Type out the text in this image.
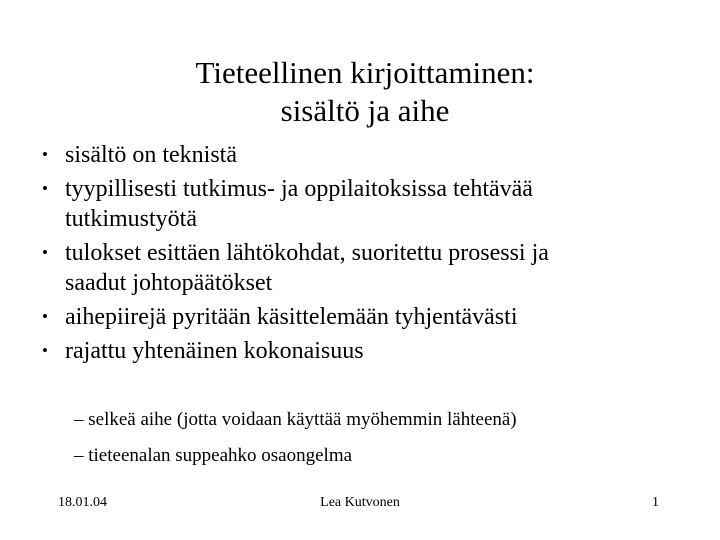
Tieteellinen kirjoittaminen:
sisältö ja aihe
• sisältö on teknistä
• tyypillisesti tutkimus- ja oppilaitoksissa tehtävää
tutkimustyötä
• tulokset esittäen lähtökohdat, suoritettu prosessi ja
saadut johtopäätökset
• aihepiirejä pyritään käsittelemään tyhjentävästi
• rajattu yhtenäinen kokonaisuus
– selkeä aihe (jotta voidaan käyttää myöhemmin lähteenä)
– tieteenalan suppeahko osaongelma
18.01.04	Lea Kutvonen	1
